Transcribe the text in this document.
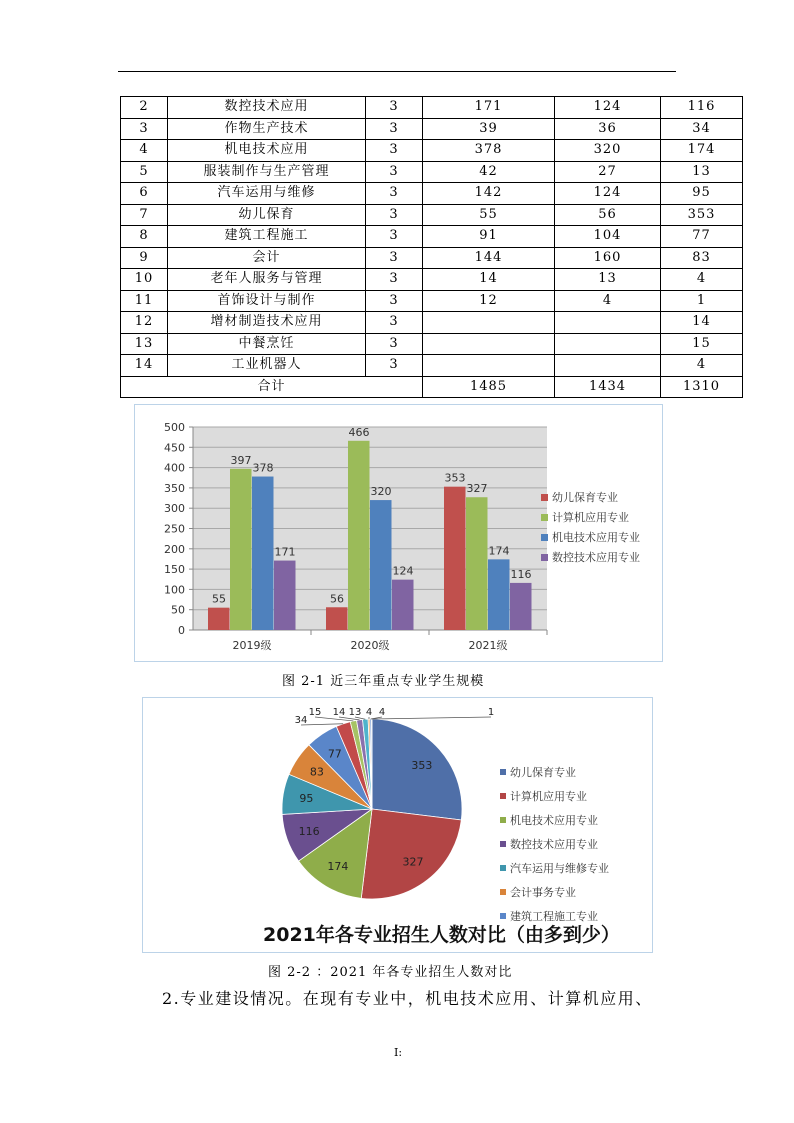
2	数控技术应用	3	171	124	116
3	作物生产技术	3	39	36	34
4	机电技术应用	3	378	320	174
5	服装制作与生产管理	3	42	27	13
6	汽车运用与维修	3	142	124	95
7	幼儿保育	3	55	56	353
8	建筑工程施工	3	91	104	77
9	会计	3	144	160	83
10	老年人服务与管理	3	14	13	4
11	首饰设计与制作	3	12	4	1
12	增材制造技术应用	3			14
13	中餐烹饪	3			15
14	工业机器人	3			4
合计			1485	1434	1310
0
50
100
150
200
250
300
350
400
450
500
55
397
378
171
2019级
56
466
320
124
2020级
353
327
174
116
2021级
幼儿保育专业
计算机应用专业
机电技术应用专业
数控技术应用专业
图 2-1 近三年重点专业学生规模
353
327
174
116
95
83
77
34
15 14 13 4 4	1
幼儿保育专业
计算机应用专业
机电技术应用专业
数控技术应用专业
汽车运用与维修专业
会计事务专业
建筑工程施工专业
2021年各专业招生人数对比（由多到少）
图 2-2 ：2021 年各专业招生人数对比
2.专业建设情况。在现有专业中，机电技术应用、计算机应用、
I:
